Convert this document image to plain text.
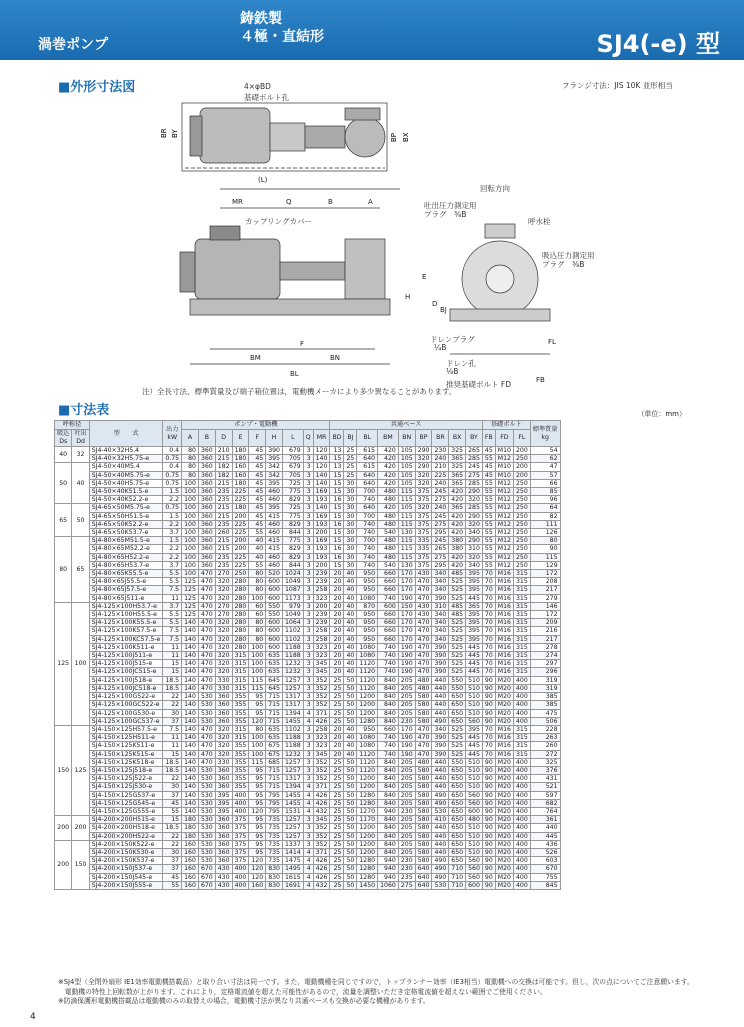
渦巻ポンプ
鋳鉄製
４極・直結形	SJ4(-e) 型
■外形寸法図	フランジ寸法：JIS 10K 並形相当
BR BY	BP BX
4×φBD
基礎ボルト孔
(L)
MR	Q	B	A
F
BM	BN
BL
H
E
D
BJ
FL
FB
カップリングカバー
回転方向
吐出圧力測定用
プラグ　⅜B
呼水栓
吸込圧力測定用
プラグ　⅜B
ドレンプラグ
¼B
ドレン孔
⅛B
推奨基礎ボルト FD
注）全長寸法，標準質量及び端子箱位置は，電動機メーカにより多少異なることがあります。
■寸法表	（単位：mm）
呼称径		型　　式	出力
kW	ポンプ・電動機									共通ベース									基礎ボルト			標準質量
kg
吸込
Ds	吐出
Dd			A	B	D	E	F	H	L	Q	MR	BD	BJ	BL	BM	BN	BP	BR	BX	BY	FB	FD	FL	
40	32	SJ4-40×32H5.4	0.4	80	360	210	180	45	390	679	3	120	13	25	615	420	105	290	230	325	265	45	M10	200	54
		SJ4-40×32H5.75-e	0.75	80	360	215	180	45	395	705	3	140	15	25	640	420	105	320	240	365	285	55	M12	250	62
50	40	SJ4-50×40M5.4	0.4	80	360	182	160	45	342	679	3	120	13	25	615	420	105	290	210	325	245	45	M10	200	47
		SJ4-50×40M5.75-e	0.75	80	360	182	160	45	342	705	3	140	15	25	640	420	105	320	225	365	275	45	M10	200	57
		SJ4-50×40H5.75-e	0.75	100	360	215	180	45	395	725	3	140	15	30	640	420	105	320	240	365	285	55	M12	250	66
		SJ4-50×40K51.5-e	1.5	100	360	235	225	45	460	775	3	169	15	30	700	480	115	375	245	420	290	55	M12	250	85
		SJ4-50×40K52.2-e	2.2	100	360	235	225	45	460	829	3	193	16	30	740	480	115	375	275	420	320	55	M12	250	96
65	50	SJ4-65×50M5.75-e	0.75	100	360	215	180	45	395	725	3	140	15	30	640	420	105	320	240	365	285	55	M12	250	64
		SJ4-65×50H51.5-e	1.5	100	360	215	200	45	415	775	3	169	15	30	700	480	115	375	245	420	290	55	M12	250	82
		SJ4-65×50K52.2-e	2.2	100	360	235	225	45	460	829	3	193	16	30	740	480	115	375	275	420	320	55	M12	250	111
		SJ4-65×50K53.7-e	3.7	100	360	260	225	55	460	844	3	200	15	30	740	540	130	375	295	420	340	55	M12	250	126
80	65	SJ4-80×65M51.5-e	1.5	100	360	215	200	40	415	775	3	169	15	30	700	480	115	335	245	380	290	55	M12	250	80
		SJ4-80×65M52.2-e	2.2	100	360	215	200	40	415	829	3	193	16	30	740	480	115	335	265	380	310	55	M12	250	90
		SJ4-80×65H52.2-e	2.2	100	360	235	225	40	460	829	3	193	16	30	740	480	115	375	275	420	320	55	M12	250	115
		SJ4-80×65H53.7-e	3.7	100	360	235	225	55	460	844	3	200	15	30	740	540	130	375	295	420	340	55	M12	250	129
		SJ4-80×65K55.5-e	5.5	100	470	270	250	80	520	1024	3	239	20	40	950	660	170	430	340	485	395	70	M16	315	172
		SJ4-80×65J55.5-e	5.5	125	470	320	280	80	600	1049	3	239	20	40	950	660	170	470	340	525	395	70	M16	315	208
		SJ4-80×65J57.5-e	7.5	125	470	320	280	80	600	1087	3	258	20	40	950	660	170	470	340	525	395	70	M16	315	217
		SJ4-80×65J511-e	11	125	470	320	280	100	600	1173	3	323	20	40	1080	740	190	470	390	525	445	70	M16	315	279
125	100	SJ4-125×100H53.7-e	3.7	125	470	270	280	60	550	979	3	200	20	40	870	600	150	430	310	485	365	70	M16	315	146
		SJ4-125×100H55.5-e	5.5	125	470	270	280	60	550	1049	3	239	20	40	950	660	170	430	340	485	395	70	M16	315	172
		SJ4-125×100K55.5-e	5.5	140	470	320	280	80	600	1064	3	239	20	40	950	660	170	470	340	525	395	70	M16	315	209
		SJ4-125×100K57.5-e	7.5	140	470	320	280	80	600	1102	3	258	20	40	950	660	170	470	340	525	395	70	M16	315	216
		SJ4-125×100KC57.5-e	7.5	140	470	320	280	80	600	1102	3	258	20	40	950	660	170	470	340	525	395	70	M16	315	217
		SJ4-125×100K511-e	11	140	470	320	280	100	600	1188	3	323	20	40	1080	740	190	470	390	525	445	70	M16	315	278
		SJ4-125×100J511-e	11	140	470	320	315	100	635	1188	3	323	20	40	1080	740	190	470	390	525	445	70	M16	315	274
		SJ4-125×100J515-e	15	140	470	320	315	100	635	1232	3	345	20	40	1120	740	190	470	390	525	445	70	M16	315	297
		SJ4-125×100JC515-e	15	140	470	320	315	100	635	1232	3	345	20	40	1120	740	190	470	390	525	445	70	M16	315	296
		SJ4-125×100J518-e	18.5	140	470	330	315	115	645	1257	3	352	25	50	1120	840	205	480	440	550	510	90	M20	400	319
		SJ4-125×100JC518-e	18.5	140	470	330	315	115	645	1257	3	352	25	50	1120	840	205	480	440	550	510	90	M20	400	319
		SJ4-125×100G522-e	22	140	530	360	355	95	715	1317	3	352	25	50	1200	840	205	580	440	650	510	90	M20	400	385
		SJ4-125×100GC522-e	22	140	530	360	355	95	715	1317	3	352	25	50	1200	840	205	580	440	650	510	90	M20	400	385
		SJ4-125×100G530-e	30	140	530	360	355	95	715	1394	4	371	25	50	1200	840	205	580	440	650	510	90	M20	400	475
		SJ4-125×100GC537-e	37	140	530	360	355	120	715	1455	4	426	25	50	1280	840	230	580	490	650	560	90	M20	400	506
150	125	SJ4-150×125H57.5-e	7.5	140	470	320	315	80	635	1102	3	258	20	40	950	660	170	470	340	525	395	70	M16	315	228
		SJ4-150×125H511-e	11	140	470	320	315	100	635	1188	3	323	20	40	1080	740	190	470	390	525	445	70	M16	315	263
		SJ4-150×125K511-e	11	140	470	320	355	100	675	1188	3	323	20	40	1080	740	190	470	390	525	445	70	M16	315	260
		SJ4-150×125K515-e	15	140	470	320	355	100	675	1232	3	345	20	40	1120	740	190	470	390	525	445	70	M16	315	272
		SJ4-150×125K518-e	18.5	140	470	330	355	115	685	1257	3	352	25	50	1120	840	205	480	440	550	510	90	M20	400	325
		SJ4-150×125J518-e	18.5	140	530	360	355	95	715	1257	3	352	25	50	1120	840	205	580	440	650	510	90	M20	400	376
		SJ4-150×125J522-e	22	140	530	360	355	95	715	1317	3	352	25	50	1200	840	205	580	440	650	510	90	M20	400	431
		SJ4-150×125J530-e	30	140	530	360	355	95	715	1394	4	371	25	50	1200	840	205	580	440	650	510	90	M20	400	521
		SJ4-150×125G537-e	37	140	530	395	400	95	795	1455	4	426	25	50	1280	840	205	580	490	650	560	90	M20	400	597
		SJ4-150×125G545-e	45	140	530	395	400	95	795	1455	4	426	25	50	1280	840	205	580	490	650	560	90	M20	400	682
		SJ4-150×125G555-e	55	140	530	395	400	120	795	1531	4	432	25	50	1270	940	230	580	530	650	600	90	M20	400	764
200	200	SJ4-200×200H515-e	15	180	530	360	375	95	735	1257	3	345	25	50	1170	840	205	580	410	650	480	90	M20	400	361
		SJ4-200×200H518-e	18.5	180	530	360	375	95	735	1257	3	352	25	50	1200	840	205	580	440	650	510	90	M20	400	440
		SJ4-200×200H522-e	22	180	530	360	375	95	735	1257	3	352	25	50	1200	840	205	580	440	650	510	90	M20	400	445
200	150	SJ4-200×150K522-e	22	160	530	360	375	95	735	1337	3	352	25	50	1200	840	205	580	440	650	510	90	M20	400	436
		SJ4-200×150K530-e	30	160	530	360	375	95	735	1414	4	371	25	50	1200	840	205	580	440	650	510	90	M20	400	526
		SJ4-200×150K537-e	37	160	530	360	375	120	735	1475	4	426	25	50	1280	940	230	580	490	650	560	90	M20	400	603
		SJ4-200×150J537-e	37	160	670	430	400	120	830	1495	4	426	25	50	1280	940	230	640	490	710	560	90	M20	400	670
		SJ4-200×150J545-e	45	160	670	430	400	120	830	1615	4	426	25	50	1280	940	235	640	490	710	560	90	M20	400	755
		SJ4-200×150J555-e	55	160	670	430	400	160	830	1691	4	432	25	50	1450	1060	275	640	530	710	600	90	M20	400	845
※SJ4型（全閉外扇形 IE1効率電動機搭載品）と取り合い寸法は同一です。また，電動機種を同じですので，トップランナー効率（IE3相当）電動機への交換は可能です。但し，次の点についてご注意願います。
　電動機の特性上回転数が上がります。これにより，定格電流値を超えた可能性があるので，流量を調整いただき定格電流値を超えない範囲でご使用ください。
※防滴保護形電動機搭載品は電動機のみの取替えの場合，電動機寸法が異なり共通ベースも交換が必要な機種があります。
4
